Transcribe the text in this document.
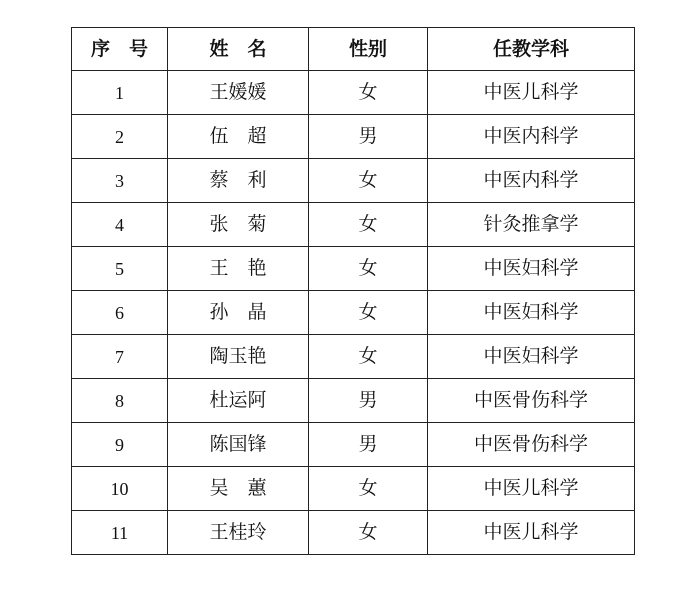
序　号	姓　名	性别	任教学科
1	王媛媛	女	中医儿科学
2	伍　超	男	中医内科学
3	蔡　利	女	中医内科学
4	张　菊	女	针灸推拿学
5	王　艳	女	中医妇科学
6	孙　晶	女	中医妇科学
7	陶玉艳	女	中医妇科学
8	杜运阿	男	中医骨伤科学
9	陈国锋	男	中医骨伤科学
10	吴　蕙	女	中医儿科学
11	王桂玲	女	中医儿科学
